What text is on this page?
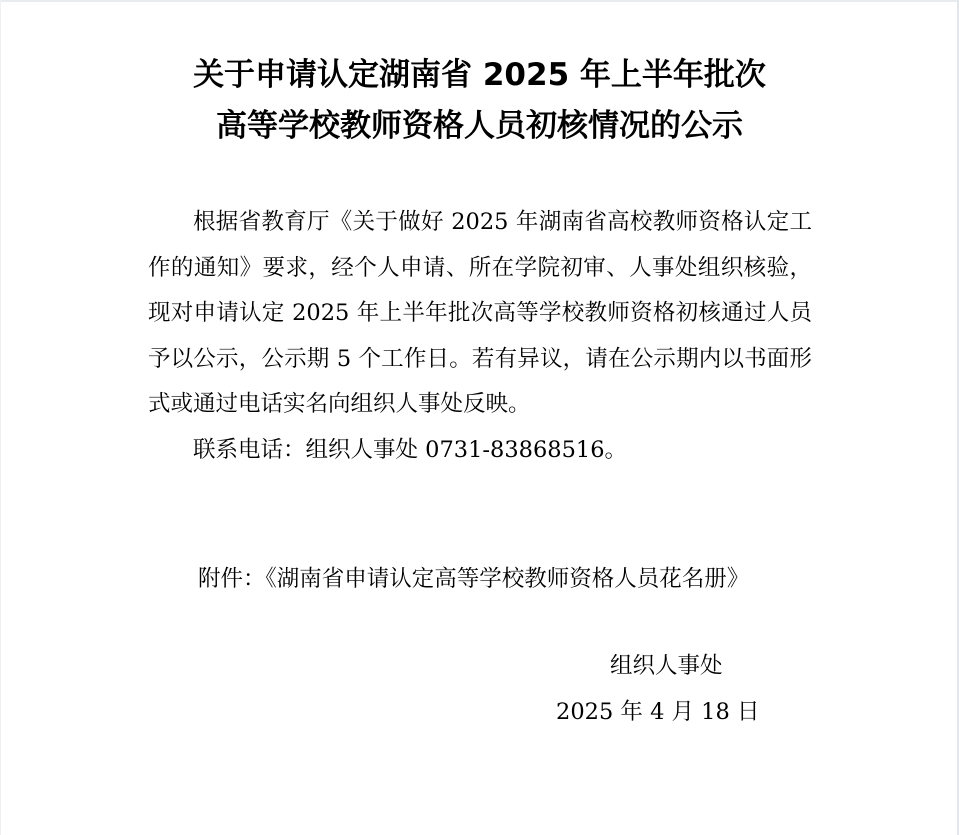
关于申请认定湖南省 2025 年上半年批次
高等学校教师资格人员初核情况的公示

根据省教育厅《关于做好 2025 年湖南省高校教师资格认定工作的通知》要求，经个人申请、所在学院初审、人事处组织核验，现对申请认定 2025 年上半年批次高等学校教师资格初核通过人员予以公示，公示期 5 个工作日。若有异议，请在公示期内以书面形式或通过电话实名向组织人事处反映。

联系电话：组织人事处 0731-83868516。

附件：《湖南省申请认定高等学校教师资格人员花名册》
组织人事处
2025 年 4 月 18 日
